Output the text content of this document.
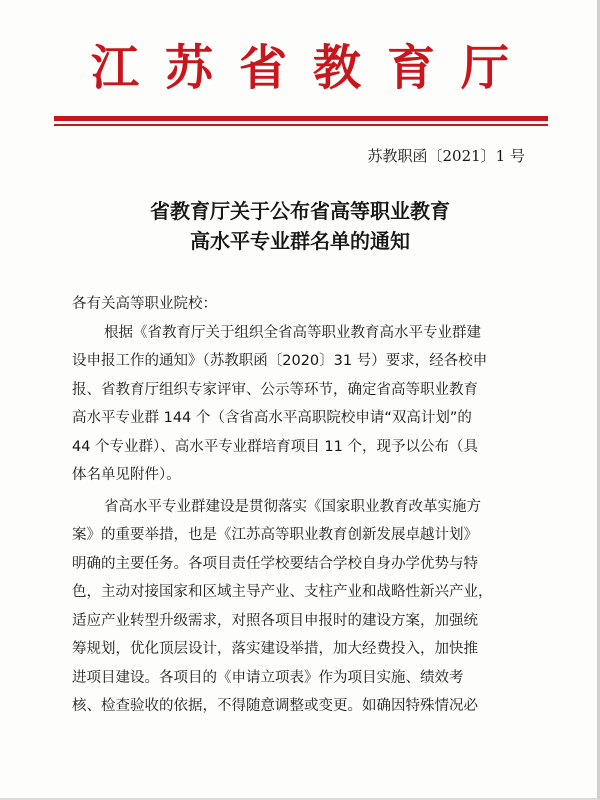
江苏省教育厅
苏教职函〔2021〕1 号
省教育厅关于公布省高等职业教育
高水平专业群名单的通知
各有关高等职业院校：
根据《省教育厅关于组织全省高等职业教育高水平专业群建
设申报工作的通知》（苏教职函〔2020〕31 号）要求，经各校申
报、省教育厅组织专家评审、公示等环节，确定省高等职业教育
高水平专业群 144 个（含省高水平高职院校申请“双高计划”的
44 个专业群）、高水平专业群培育项目 11 个，现予以公布（具
体名单见附件）。
省高水平专业群建设是贯彻落实《国家职业教育改革实施方
案》的重要举措，也是《江苏高等职业教育创新发展卓越计划》
明确的主要任务。各项目责任学校要结合学校自身办学优势与特
色，主动对接国家和区域主导产业、支柱产业和战略性新兴产业，
适应产业转型升级需求，对照各项目申报时的建设方案，加强统
筹规划，优化顶层设计，落实建设举措，加大经费投入，加快推
进项目建设。各项目的《申请立项表》作为项目实施、绩效考
核、检查验收的依据，不得随意调整或变更。如确因特殊情况必
